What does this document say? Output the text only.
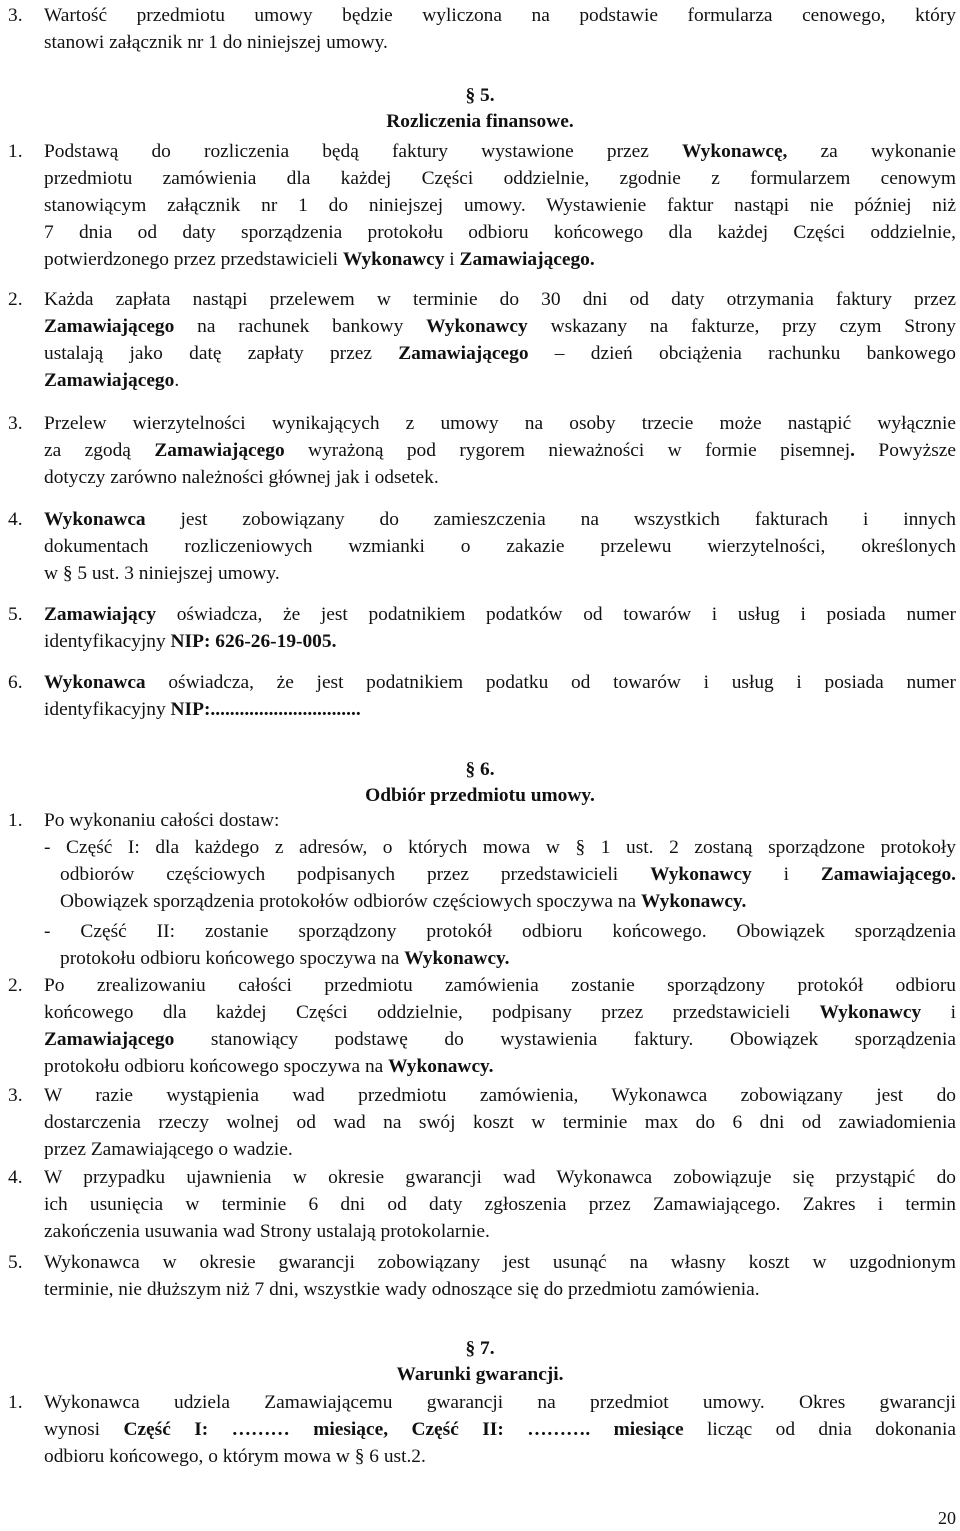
3.	Wartość przedmiotu umowy będzie wyliczona na podstawie formularza cenowego, który
stanowi załącznik nr 1 do niniejszej umowy.
§ 5.
Rozliczenia finansowe.
1.	Podstawą do rozliczenia będą faktury wystawione przez Wykonawcę, za wykonanie
przedmiotu zamówienia dla każdej Części oddzielnie, zgodnie z formularzem cenowym
stanowiącym załącznik nr 1 do niniejszej umowy. Wystawienie faktur nastąpi nie później niż
7 dnia od daty sporządzenia protokołu odbioru końcowego dla każdej Części oddzielnie,
potwierdzonego przez przedstawicieli Wykonawcy i Zamawiającego.
2.	Każda zapłata nastąpi przelewem w terminie do 30 dni od daty otrzymania faktury przez
Zamawiającego na rachunek bankowy Wykonawcy wskazany na fakturze, przy czym Strony
ustalają jako datę zapłaty przez Zamawiającego – dzień obciążenia rachunku bankowego
Zamawiającego.
3.	Przelew wierzytelności wynikających z umowy na osoby trzecie może nastąpić wyłącznie
za zgodą Zamawiającego wyrażoną pod rygorem nieważności w formie pisemnej. Powyższe
dotyczy zarówno należności głównej jak i odsetek.
4.	Wykonawca jest zobowiązany do zamieszczenia na wszystkich fakturach i innych
dokumentach rozliczeniowych wzmianki o zakazie przelewu wierzytelności, określonych
w § 5 ust. 3 niniejszej umowy.
5.	Zamawiający oświadcza, że jest podatnikiem podatków od towarów i usług i posiada numer
identyfikacyjny NIP: 626-26-19-005.
6.	Wykonawca oświadcza, że jest podatnikiem podatku od towarów i usług i posiada numer
identyfikacyjny NIP:...............................
§ 6.
Odbiór przedmiotu umowy.
1.	Po wykonaniu całości dostaw:
- Część I: dla każdego z adresów, o których mowa w § 1 ust. 2 zostaną sporządzone protokoły
odbiorów częściowych podpisanych przez przedstawicieli Wykonawcy i Zamawiającego.
Obowiązek sporządzenia protokołów odbiorów częściowych spoczywa na Wykonawcy.
- Część II: zostanie sporządzony protokół odbioru końcowego. Obowiązek sporządzenia
protokołu odbioru końcowego spoczywa na Wykonawcy.
2.	Po zrealizowaniu całości przedmiotu zamówienia zostanie sporządzony protokół odbioru
końcowego dla każdej Części oddzielnie, podpisany przez przedstawicieli Wykonawcy i
Zamawiającego stanowiący podstawę do wystawienia faktury. Obowiązek sporządzenia
protokołu odbioru końcowego spoczywa na Wykonawcy.
3.	W razie wystąpienia wad przedmiotu zamówienia, Wykonawca zobowiązany jest do
dostarczenia rzeczy wolnej od wad na swój koszt w terminie max do 6 dni od zawiadomienia
przez Zamawiającego o wadzie.
4.	W przypadku ujawnienia w okresie gwarancji wad Wykonawca zobowiązuje się przystąpić do
ich usunięcia w terminie 6 dni od daty zgłoszenia przez Zamawiającego. Zakres i termin
zakończenia usuwania wad Strony ustalają protokolarnie.
5.	Wykonawca w okresie gwarancji zobowiązany jest usunąć na własny koszt w uzgodnionym
terminie, nie dłuższym niż 7 dni, wszystkie wady odnoszące się do przedmiotu zamówienia.
§ 7.
Warunki gwarancji.
1.	Wykonawca udziela Zamawiającemu gwarancji na przedmiot umowy. Okres gwarancji
wynosi Część I: ……… miesiące, Część II: ………. miesiące licząc od dnia dokonania
odbioru końcowego, o którym mowa w § 6 ust.2.
20
